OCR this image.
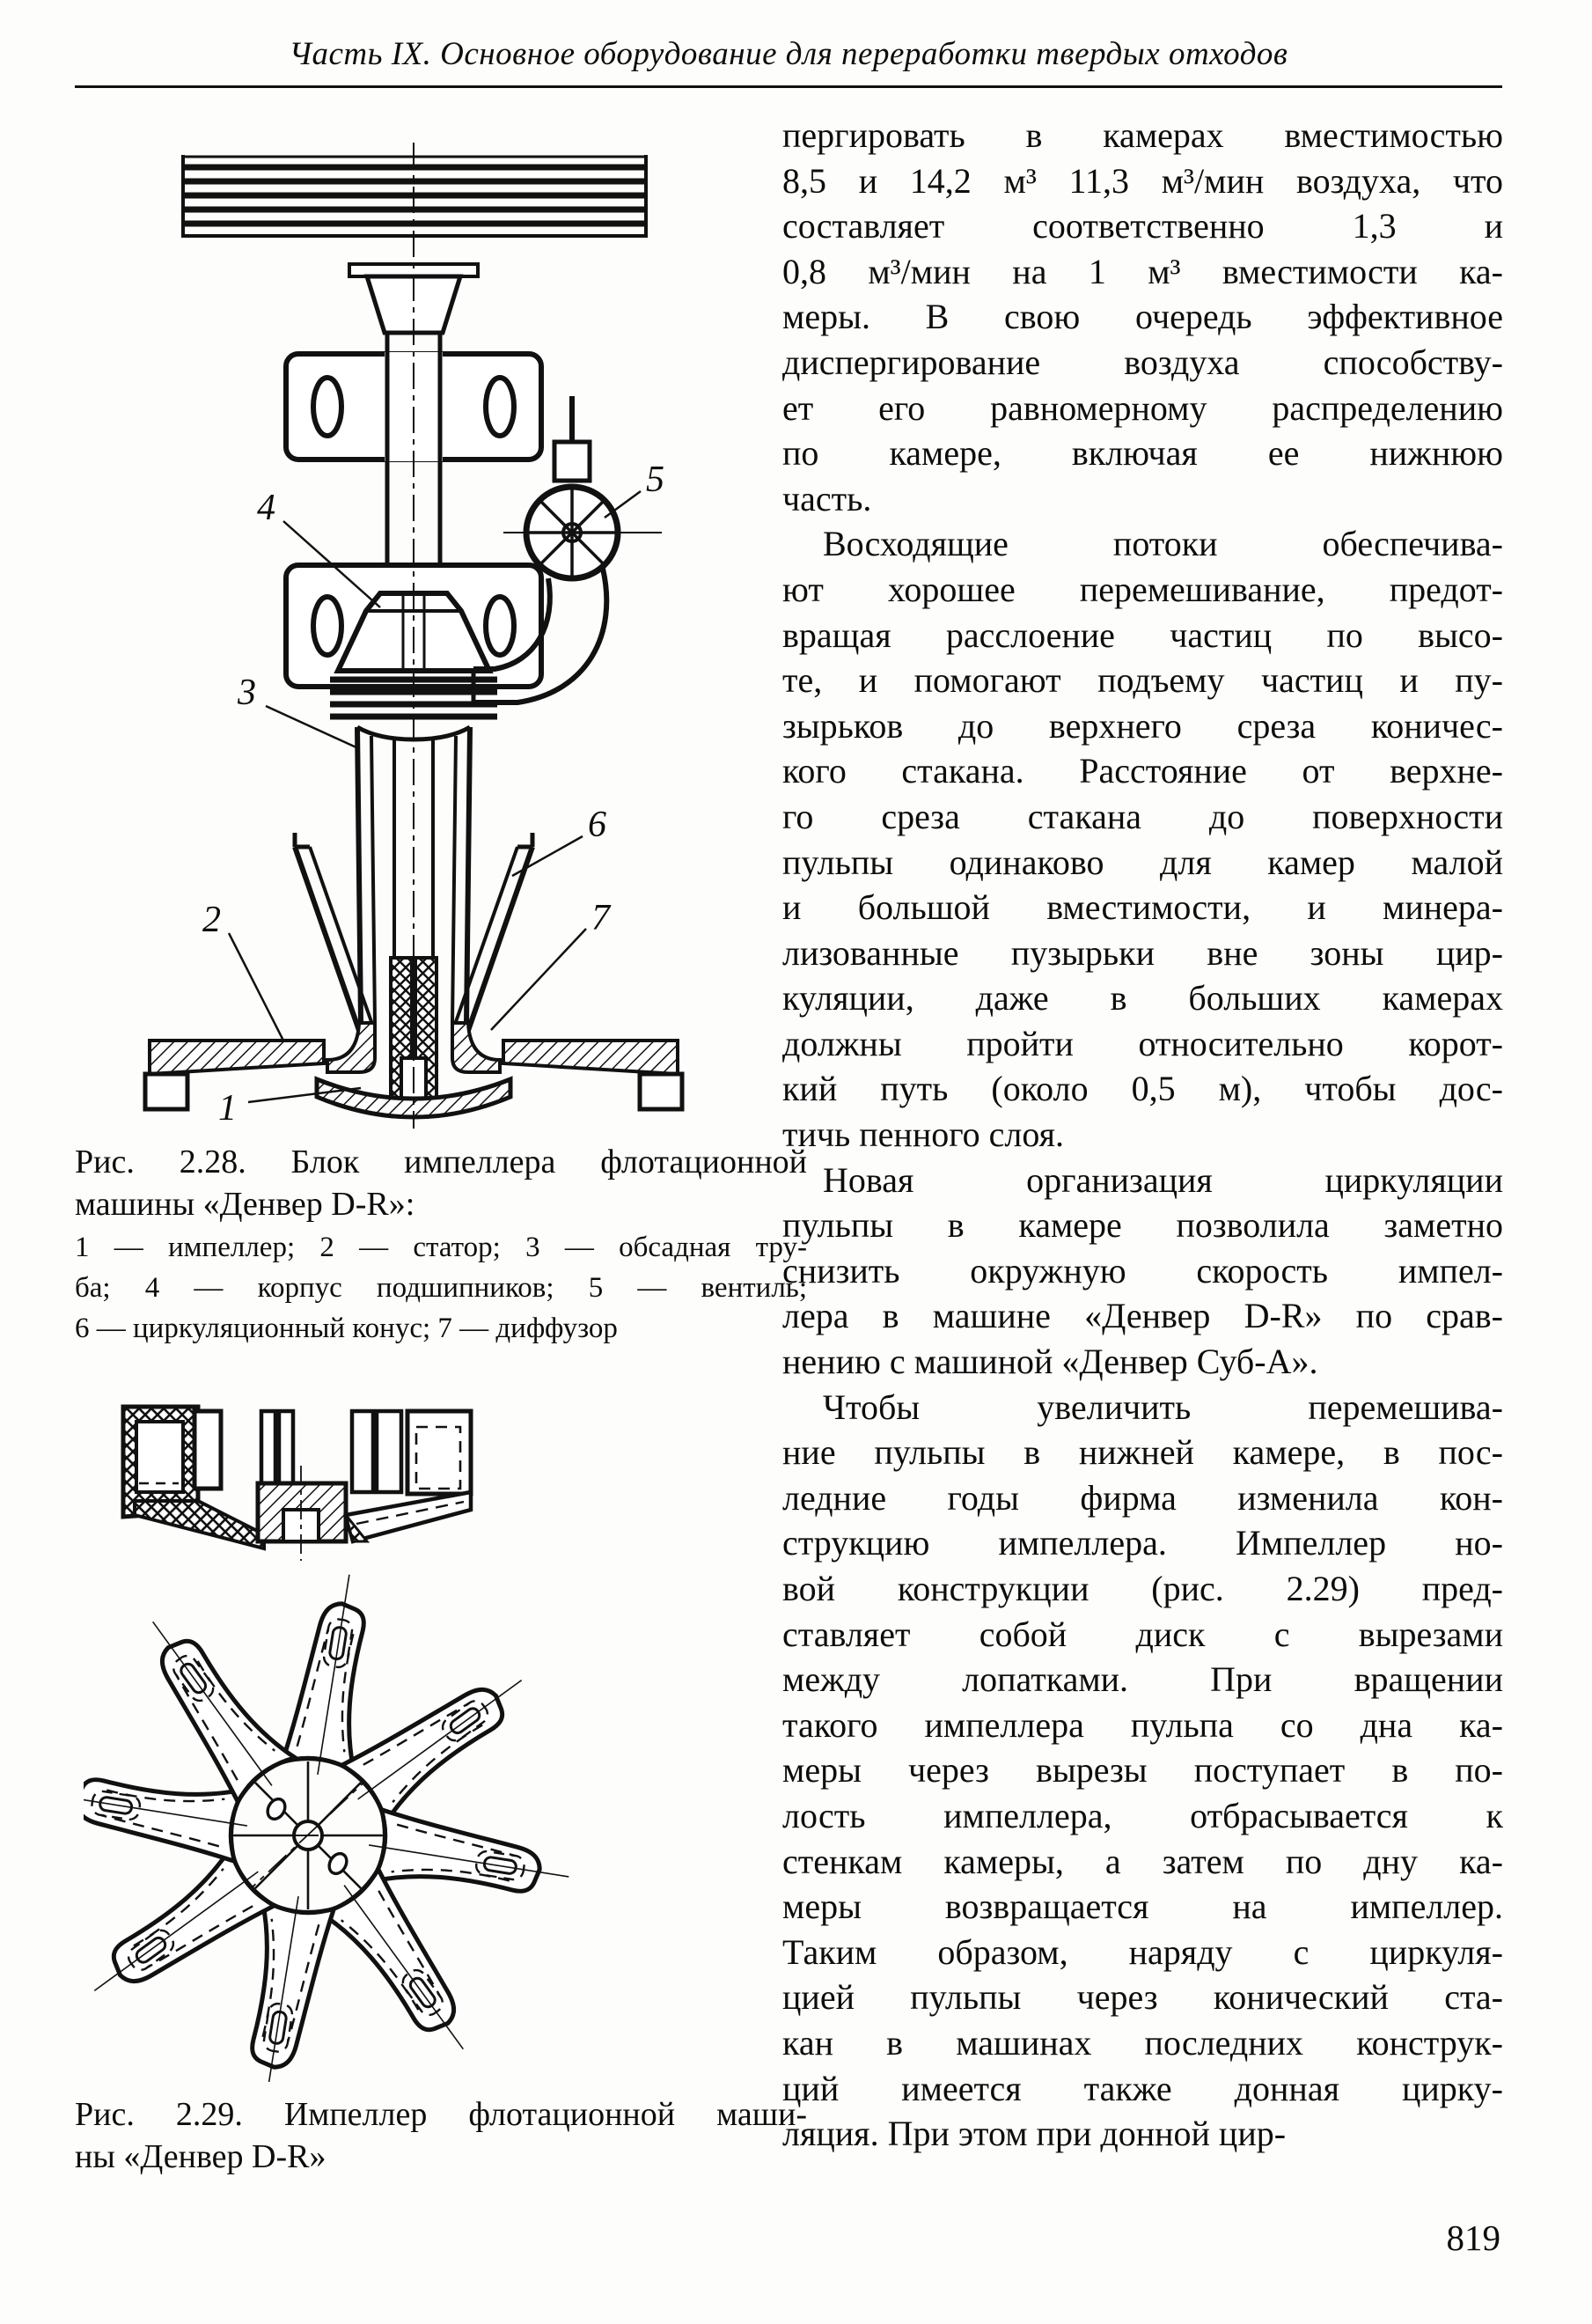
Часть IX. Основное оборудование для переработки твердых отходов
4
5
3
6
7
2
1
Рис. 2.28. Блок импеллера флотационной
машины «Денвер D-R»:
1 — импеллер; 2 — статор; 3 — обсадная тру-
ба; 4 — корпус подшипников; 5 — вентиль;
6 — циркуляционный конус; 7 — диффузор
Рис. 2.29. Импеллер флотационной маши-
ны «Денвер D-R»
пергировать в камерах вместимостью
8,5 и 14,2 м³ 11,3 м³/мин воздуха, что
составляет соответственно 1,3 и
0,8 м³/мин на 1 м³ вместимости ка-
меры. В свою очередь эффективное
диспергирование воздуха способству-
ет его равномерному распределению
по камере, включая ее нижнюю
часть.
Восходящие потоки обеспечива-
ют хорошее перемешивание, предот-
вращая расслоение частиц по высо-
те, и помогают подъему частиц и пу-
зырьков до верхнего среза коничес-
кого стакана. Расстояние от верхне-
го среза стакана до поверхности
пульпы одинаково для камер малой
и большой вместимости, и минера-
лизованные пузырьки вне зоны цир-
куляции, даже в больших камерах
должны пройти относительно корот-
кий путь (около 0,5 м), чтобы дос-
тичь пенного слоя.
Новая организация циркуляции
пульпы в камере позволила заметно
снизить окружную скорость импел-
лера в машине «Денвер D-R» по срав-
нению с машиной «Денвер Суб-А».
Чтобы увеличить перемешива-
ние пульпы в нижней камере, в пос-
ледние годы фирма изменила кон-
струкцию импеллера. Импеллер но-
вой конструкции (рис. 2.29) пред-
ставляет собой диск с вырезами
между лопатками. При вращении
такого импеллера пульпа со дна ка-
меры через вырезы поступает в по-
лость импеллера, отбрасывается к
стенкам камеры, а затем по дну ка-
меры возвращается на импеллер.
Таким образом, наряду с циркуля-
цией пульпы через конический ста-
кан в машинах последних конструк-
ций имеется также донная цирку-
ляция. При этом при донной цир-
819
